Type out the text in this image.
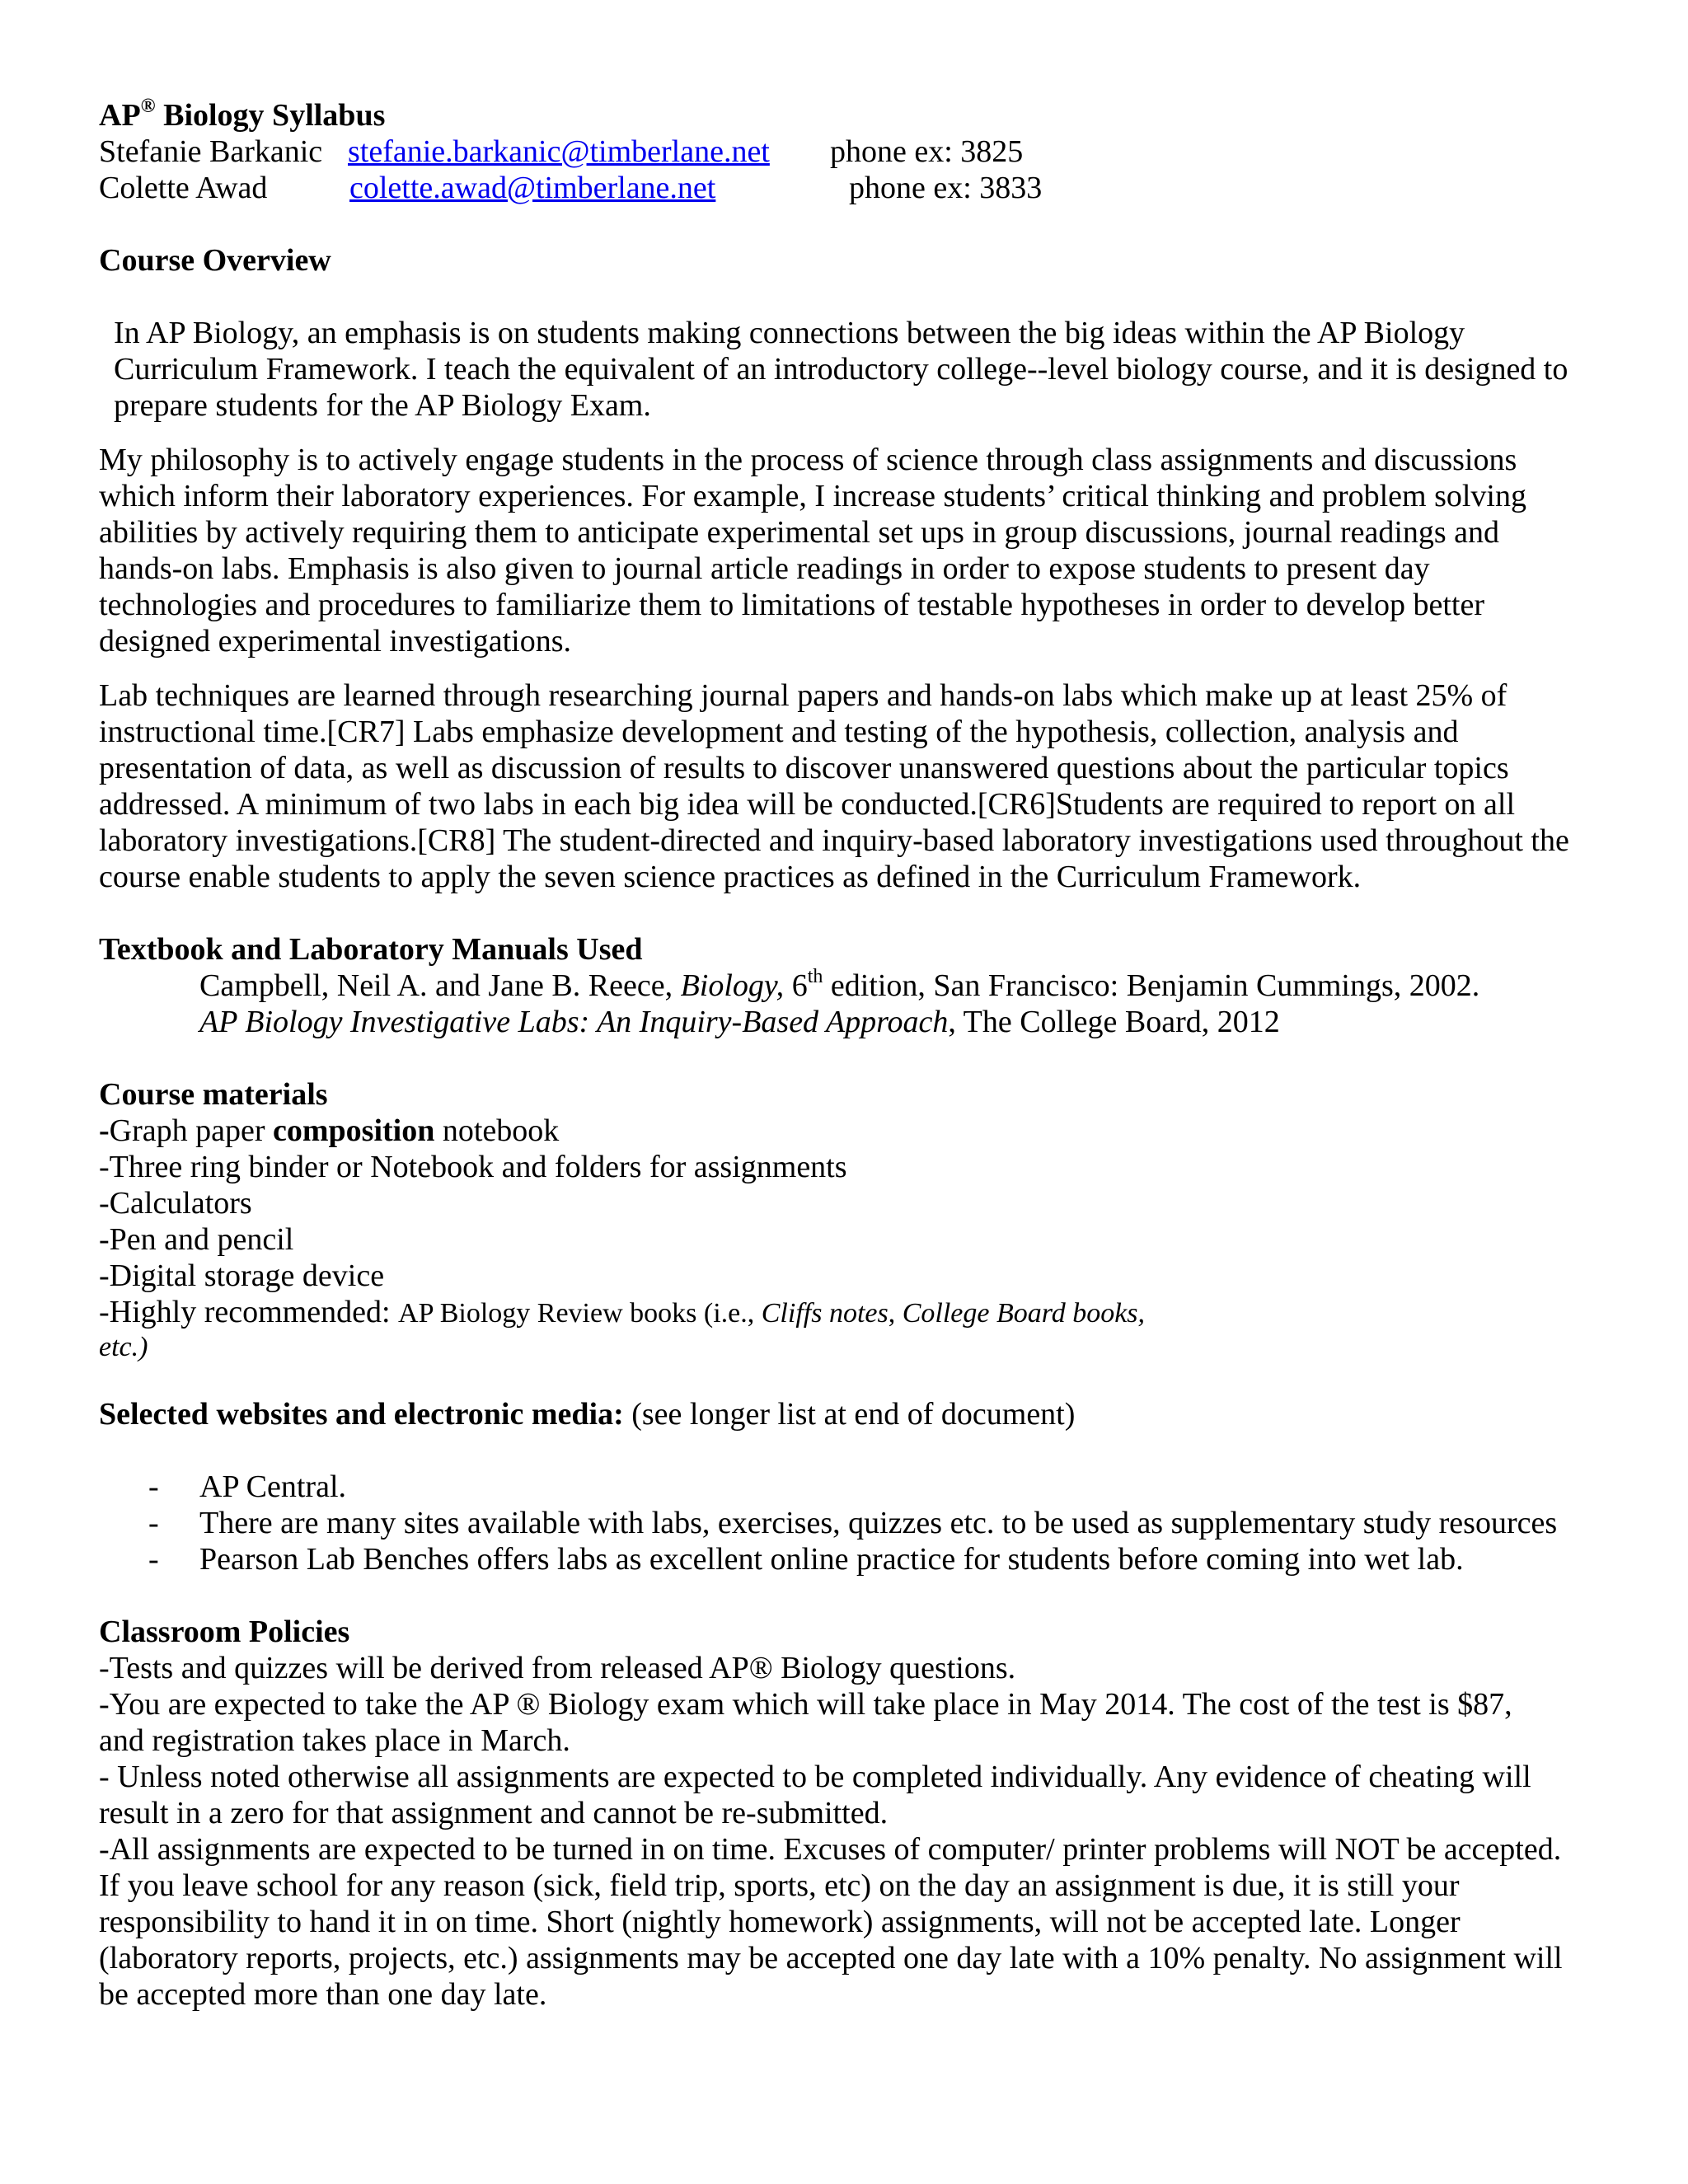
AP® Biology Syllabus
Stefanie Barkanic stefanie.barkanic@timberlane.net	phone ex: 3825
Colette Awad	colette.awad@timberlane.net	phone ex: 3833
Course Overview

In AP Biology, an emphasis is on students making connections between the big ideas within the AP Biology Curriculum Framework. I teach the equivalent of an introductory college--level biology course, and it is designed to prepare students for the AP Biology Exam.

My philosophy is to actively engage students in the process of science through class assignments and discussions which inform their laboratory experiences. For example, I increase students’ critical thinking and problem solving abilities by actively requiring them to anticipate experimental set ups in group discussions, journal readings and hands-on labs. Emphasis is also given to journal article readings in order to expose students to present day technologies and procedures to familiarize them to limitations of testable hypotheses in order to develop better designed experimental investigations.

Lab techniques are learned through researching journal papers and hands-on labs which make up at least 25% of instructional time.[CR7] Labs emphasize development and testing of the hypothesis, collection, analysis and presentation of data, as well as discussion of results to discover unanswered questions about the particular topics addressed. A minimum of two labs in each big idea will be conducted.[CR6]Students are required to report on all laboratory investigations.[CR8] The student-directed and inquiry-based laboratory investigations used throughout the course enable students to apply the seven science practices as defined in the Curriculum Framework.

Textbook and Laboratory Manuals Used
Campbell, Neil A. and Jane B. Reece, Biology, 6th edition, San Francisco: Benjamin Cummings, 2002.
AP Biology Investigative Labs: An Inquiry-Based Approach, The College Board, 2012
Course materials
-Graph paper composition notebook
-Three ring binder or Notebook and folders for assignments
-Calculators
-Pen and pencil
-Digital storage device
-Highly recommended: AP Biology Review books (i.e., Cliffs notes, College Board books,
etc.)
Selected websites and electronic media: (see longer list at end of document)
-	AP Central.
-	There are many sites available with labs, exercises, quizzes etc. to be used as supplementary study resources
-	Pearson Lab Benches offers labs as excellent online practice for students before coming into wet lab.
Classroom Policies

-Tests and quizzes will be derived from released AP® Biology questions.

-You are expected to take the AP ® Biology exam which will take place in May 2014. The cost of the test is $87, and registration takes place in March.

- Unless noted otherwise all assignments are expected to be completed individually. Any evidence of cheating will result in a zero for that assignment and cannot be re-submitted.

-All assignments are expected to be turned in on time. Excuses of computer/ printer problems will NOT be accepted. If you leave school for any reason (sick, field trip, sports, etc) on the day an assignment is due, it is still your responsibility to hand it in on time. Short (nightly homework) assignments, will not be accepted late. Longer (laboratory reports, projects, etc.) assignments may be accepted one day late with a 10% penalty. No assignment will be accepted more than one day late.
